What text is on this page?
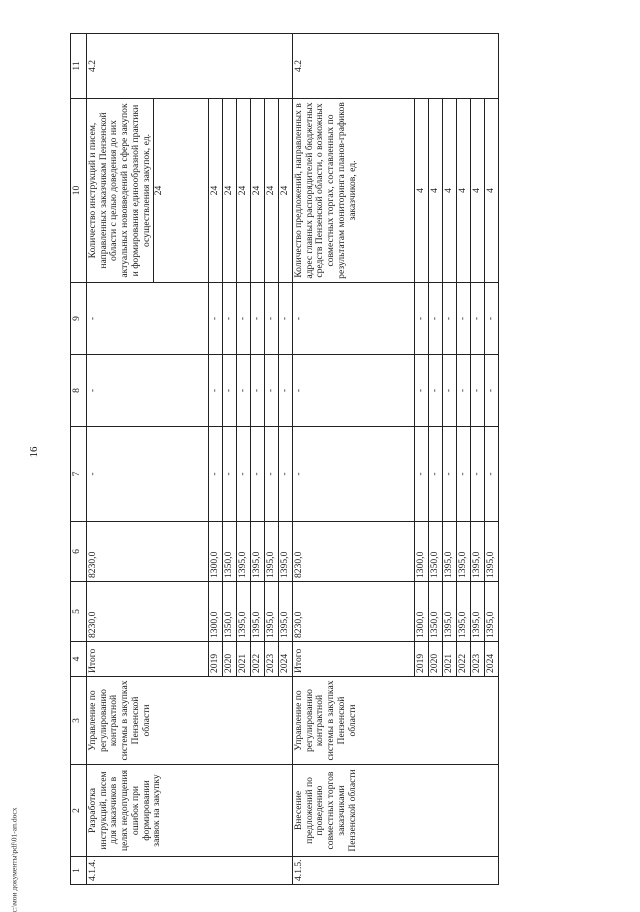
16
c:\мои документы\pdf\01-ап.docx	1	2	3	4	5	6	7	8	9	10	11
4.1.4.	Разработка инструкций, писем для заказчиков в целях недопущения ошибок при формировании заявок на закупку	Управление по регулированию контрактной системы в закупках Пензенской области	Итого	8230,0	8230,0	-	-	-	Количество инструкций и писем, направленных заказчикам Пензенской области с целью доведения до них актуальных нововведений в сфере закупок и формирования единообразной практики осуществления закупок, ед. 24	4.2
			2019	1300,0	1300,0	-	-	-	24	
			2020	1350,0	1350,0	-	-	-	24	
			2021	1395,0	1395,0	-	-	-	24	
			2022	1395,0	1395,0	-	-	-	24	
			2023	1395,0	1395,0	-	-	-	24	
			2024	1395,0	1395,0	-	-	-	24	
4.1.5.	Внесение предложений по проведению совместных торгов заказчиками Пензенской области	Управление по регулированию контрактной системы в закупках Пензенской области	Итого	8230,0	8230,0	-	-	-	Количество предложений, направленных в адрес главных распорядителей бюджетных средств Пензенской области, о возможных совместных торгах, составленных по результатам мониторинга планов-графиков заказчиков, ед.	4.2
			2019	1300,0	1300,0	-	-	-	4	
			2020	1350,0	1350,0	-	-	-	4	
			2021	1395,0	1395,0	-	-	-	4	
			2022	1395,0	1395,0	-	-	-	4	
			2023	1395,0	1395,0	-	-	-	4	
			2024	1395,0	1395,0	-	-	-	4	
